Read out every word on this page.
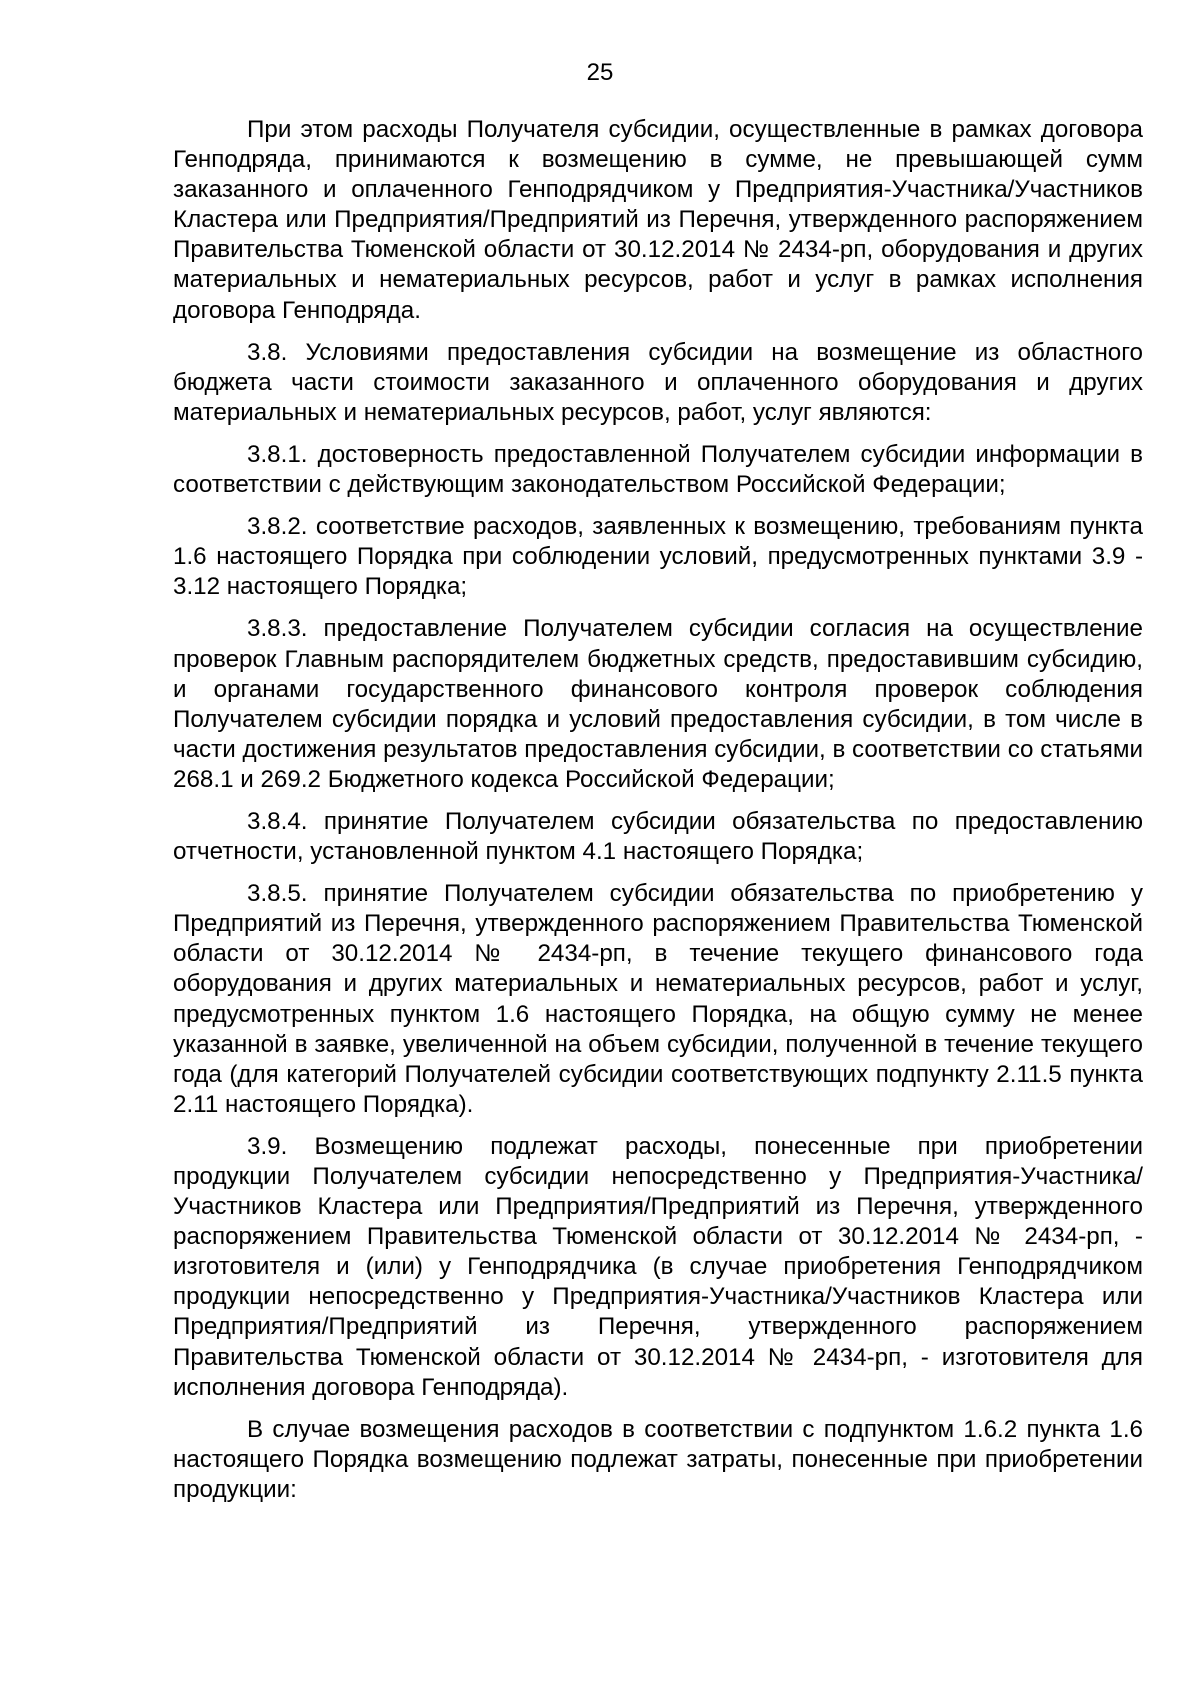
25

При этом расходы Получателя субсидии, осуществленные в рамках договора Генподряда, принимаются к возмещению в сумме, не превышающей сумм заказанного и оплаченного Генподрядчиком у Предприятия-Участника/Участников Кластера или Предприятия/Предприятий из Перечня, утвержденного распоряжением Правительства Тюменской области от 30.12.2014 № 2434-рп, оборудования и других материальных и нематериальных ресурсов, работ и услуг в рамках исполнения договора Генподряда.

3.8. Условиями предоставления субсидии на возмещение из областного бюджета части стоимости заказанного и оплаченного оборудования и других материальных и нематериальных ресурсов, работ, услуг являются:

3.8.1. достоверность предоставленной Получателем субсидии информации в соответствии с действующим законодательством Российской Федерации;

3.8.2. соответствие расходов, заявленных к возмещению, требованиям пункта 1.6 настоящего Порядка при соблюдении условий, предусмотренных пунктами 3.9 - 3.12 настоящего Порядка;

3.8.3. предоставление Получателем субсидии согласия на осуществление проверок Главным распорядителем бюджетных средств, предоставившим субсидию, и органами государственного финансового контроля проверок соблюдения Получателем субсидии порядка и условий предоставления субсидии, в том числе в части достижения результатов предоставления субсидии, в соответствии со статьями 268.1 и 269.2 Бюджетного кодекса Российской Федерации;

3.8.4. принятие Получателем субсидии обязательства по предоставлению отчетности, установленной пунктом 4.1 настоящего Порядка;

3.8.5. принятие Получателем субсидии обязательства по приобретению у Предприятий из Перечня, утвержденного распоряжением Правительства Тюменской области от 30.12.2014 № 2434-рп, в течение текущего финансового года оборудования и других материальных и нематериальных ресурсов, работ и услуг, предусмотренных пунктом 1.6 настоящего Порядка, на общую сумму не менее указанной в заявке, увеличенной на объем субсидии, полученной в течение текущего года (для категорий Получателей субсидии соответствующих подпункту 2.11.5 пункта 2.11 настоящего Порядка).

3.9. Возмещению подлежат расходы, понесенные при приобретении продукции Получателем субсидии непосредственно у Предприятия-Участника/Участников Кластера или Предприятия/Предприятий из Перечня, утвержденного распоряжением Правительства Тюменской области от 30.12.2014 № 2434-рп, - изготовителя и (или) у Генподрядчика (в случае приобретения Генподрядчиком продукции непосредственно у Предприятия-Участника/Участников Кластера или Предприятия/Предприятий из Перечня, утвержденного распоряжением Правительства Тюменской области от 30.12.2014 № 2434-рп, - изготовителя для исполнения договора Генподряда).

В случае возмещения расходов в соответствии с подпунктом 1.6.2 пункта 1.6 настоящего Порядка возмещению подлежат затраты, понесенные при приобретении продукции:
